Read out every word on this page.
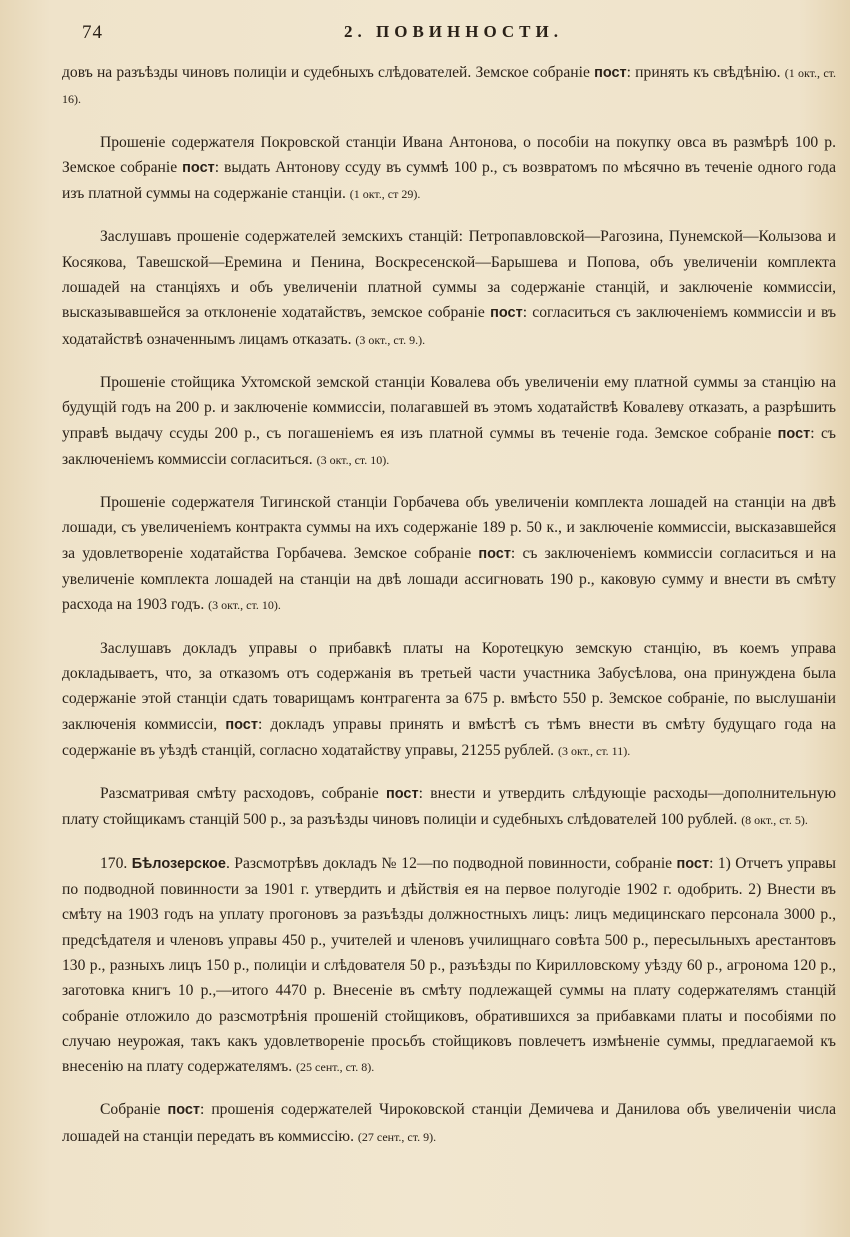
74	2. ПОВИННОСТИ.

довъ на разъѣзды чиновъ полиціи и судебныхъ слѣдователей. Земское собраніе пост: принять къ свѣдѣнію. (1 окт., ст. 16).

Прошеніе содержателя Покровской станціи Ивана Антонова, о пособіи на покупку овса въ размѣрѣ 100 р. Земское собраніе пост: выдать Антонову ссуду въ суммѣ 100 р., съ возвратомъ по мѣсячно въ теченіе одного года изъ платной суммы на содержаніе станціи. (1 окт., ст 29).

Заслушавъ прошеніе содержателей земскихъ станцій: Петропавловской—Рагозина, Пунемской—Колызова и Косякова, Тавешской—Еремина и Пенина, Воскресенской—Барышева и Попова, объ увеличеніи комплекта лошадей на станціяхъ и объ увеличеніи платной суммы за содержаніе станцій, и заключеніе коммиссіи, высказывавшейся за отклоненіе ходатайствъ, земское собраніе пост: согласиться съ заключеніемъ коммиссіи и въ ходатайствѣ означеннымъ лицамъ отказать. (3 окт., ст. 9.).

Прошеніе стойщика Ухтомской земской станціи Ковалева объ увеличеніи ему платной суммы за станцію на будущій годъ на 200 р. и заключеніе коммиссіи, полагавшей въ этомъ ходатайствѣ Ковалеву отказать, а разрѣшить управѣ выдачу ссуды 200 р., съ погашеніемъ ея изъ платной суммы въ теченіе года. Земское собраніе пост: съ заключеніемъ коммиссіи согласиться. (3 окт., ст. 10).

Прошеніе содержателя Тигинской станціи Горбачева объ увеличеніи комплекта лошадей на станціи на двѣ лошади, съ увеличеніемъ контракта суммы на ихъ содержаніе 189 р. 50 к., и заключеніе коммиссіи, высказавшейся за удовлетвореніе ходатайства Горбачева. Земское собраніе пост: съ заключеніемъ коммиссіи согласиться и на увеличеніе комплекта лошадей на станціи на двѣ лошади ассигновать 190 р., каковую сумму и внести въ смѣту расхода на 1903 годъ. (3 окт., ст. 10).

Заслушавъ докладъ управы о прибавкѣ платы на Коротецкую земскую станцію, въ коемъ управа докладываетъ, что, за отказомъ отъ содержанія въ третьей части участника Забусѣлова, она принуждена была содержаніе этой станціи сдать товарищамъ контрагента за 675 р. вмѣсто 550 р. Земское собраніе, по выслушаніи заключенія коммиссіи, пост: докладъ управы принять и вмѣстѣ съ тѣмъ внести въ смѣту будущаго года на содержаніе въ уѣздѣ станцій, согласно ходатайству управы, 21255 рублей. (3 окт., ст. 11).

Разсматривая смѣту расходовъ, собраніе пост: внести и утвердить слѣдующіе расходы—дополнительную плату стойщикамъ станцій 500 р., за разъѣзды чиновъ полиціи и судебныхъ слѣдователей 100 рублей. (8 окт., ст. 5).

170. Бѣлозерское. Разсмотрѣвъ докладъ № 12—по подводной повинности, собраніе пост: 1) Отчетъ управы по подводной повинности за 1901 г. утвердить и дѣйствія ея на первое полугодіе 1902 г. одобрить. 2) Внести въ смѣту на 1903 годъ на уплату прогоновъ за разъѣзды должностныхъ лицъ: лицъ медицинскаго персонала 3000 р., предсѣдателя и членовъ управы 450 р., учителей и членовъ училищнаго совѣта 500 р., пересыльныхъ арестантовъ 130 р., разныхъ лицъ 150 р., полиціи и слѣдователя 50 р., разъѣзды по Кирилловскому уѣзду 60 р., агронома 120 р., заготовка книгъ 10 р.,—итого 4470 р. Внесеніе въ смѣту подлежащей суммы на плату содержателямъ станцій собраніе отложило до разсмотрѣнія прошеній стойщиковъ, обратившихся за прибавками платы и пособіями по случаю неурожая, такъ какъ удовлетвореніе просьбъ стойщиковъ повлечетъ измѣненіе суммы, предлагаемой къ внесенію на плату содержателямъ. (25 сент., ст. 8).

Собраніе пост: прошенія содержателей Чироковской станціи Демичева и Данилова объ увеличеніи числа лошадей на станціи передать въ коммиссію. (27 сент., ст. 9).
